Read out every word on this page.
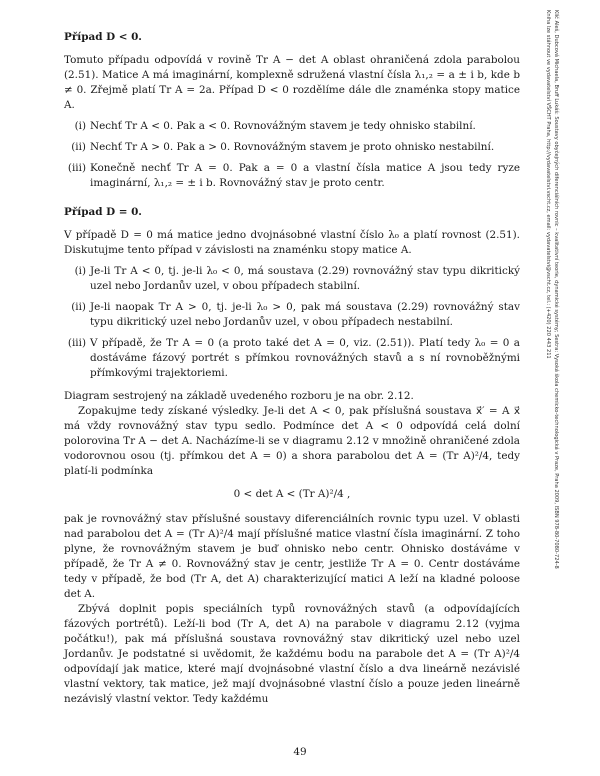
Případ D < 0.

Tomuto případu odpovídá v rovině Tr A − det A oblast ohraničená zdola parabolou (2.51). Matice A má imaginární, komplexně sdružená vlastní čísla λ₁,₂ = a ± i b, kde b ≠ 0. Zřejmě platí Tr A = 2a. Případ D < 0 rozdělíme dále dle znaménka stopy matice A.

(i) Nechť Tr A < 0. Pak a < 0. Rovnovážným stavem je tedy ohnisko stabilní.
(ii) Nechť Tr A > 0. Pak a > 0. Rovnovážným stavem je proto ohnisko nestabilní.
(iii) Konečně nechť Tr A = 0. Pak a = 0 a vlastní čísla matice A jsou tedy ryze imaginární, λ₁,₂ = ± i b. Rovnovážný stav je proto centr.
Případ D = 0.

V případě D = 0 má matice jedno dvojnásobné vlastní číslo λ₀ a platí rovnost (2.51). Diskutujme tento případ v závislosti na znaménku stopy matice A.

(i) Je-li Tr A < 0, tj. je-li λ₀ < 0, má soustava (2.29) rovnovážný stav typu dikritický uzel nebo Jordanův uzel, v obou případech stabilní.
(ii) Je-li naopak Tr A > 0, tj. je-li λ₀ > 0, pak má soustava (2.29) rovnovážný stav typu dikritický uzel nebo Jordanův uzel, v obou případech nestabilní.
(iii) V případě, že Tr A = 0 (a proto také det A = 0, viz. (2.51)). Platí tedy λ₀ = 0 a dostáváme fázový portrét s přímkou rovnovážných stavů a s ní rovnoběžnými přímkovými trajektoriemi.

Diagram sestrojený na základě uvedeného rozboru je na obr. 2.12.

Zopakujme tedy získané výsledky. Je-li det A < 0, pak příslušná soustava x⃗′ = A x⃗ má vždy rovnovážný stav typu sedlo. Podmínce det A < 0 odpovídá celá dolní polorovina Tr A − det A. Nacházíme-li se v diagramu 2.12 v množině ohraničené zdola vodorovnou osou (tj. přímkou det A = 0) a shora parabolou det A = (Tr A)²/4, tedy platí-li podmínka

0 < det A < (Tr A)²/4 ,

pak je rovnovážný stav příslušné soustavy diferenciálních rovnic typu uzel. V oblasti nad parabolou det A = (Tr A)²/4 mají příslušné matice vlastní čísla imaginární. Z toho plyne, že rovnovážným stavem je buď ohnisko nebo centr. Ohnisko dostáváme v případě, že Tr A ≠ 0. Rovnovážný stav je centr, jestliže Tr A = 0. Centr dostáváme tedy v případě, že bod (Tr A, det A) charakterizující matici A leží na kladné poloose det A.

Zbývá doplnit popis speciálních typů rovnovážných stavů (a odpovídajících fázových portrétů). Leží-li bod (Tr A, det A) na parabole v diagramu 2.12 (vyjma počátku!), pak má příslušná soustava rovnovážný stav dikritický uzel nebo uzel Jordanův. Je podstatné si uvědomit, že každému bodu na parabole det A = (Tr A)²/4 odpovídají jak matice, které mají dvojnásobné vlastní číslo a dva lineárně nezávislé vlastní vektory, tak matice, jež mají dvojnásobné vlastní číslo a pouze jeden lineárně nezávislý vlastní vektor. Tedy každému

49
Klíč Aleš, Dubcová Michaela, Bruff Lukáš: Soustavy obyčejných diferenciálních rovnic – kvalitativní teorie, dynamické systémy; Sestra: Vysoká škola chemicko-technologická v Praze, Praha 2009, ISBN 978-80-7080-724-8
Kniha lze stáhnout ve vydavatelství VŠCHT Praha, http://vydavatelstvi.vscht.cz, email: vydavatelstvi@vscht.cz, tel.: (+420) 220 443 211
